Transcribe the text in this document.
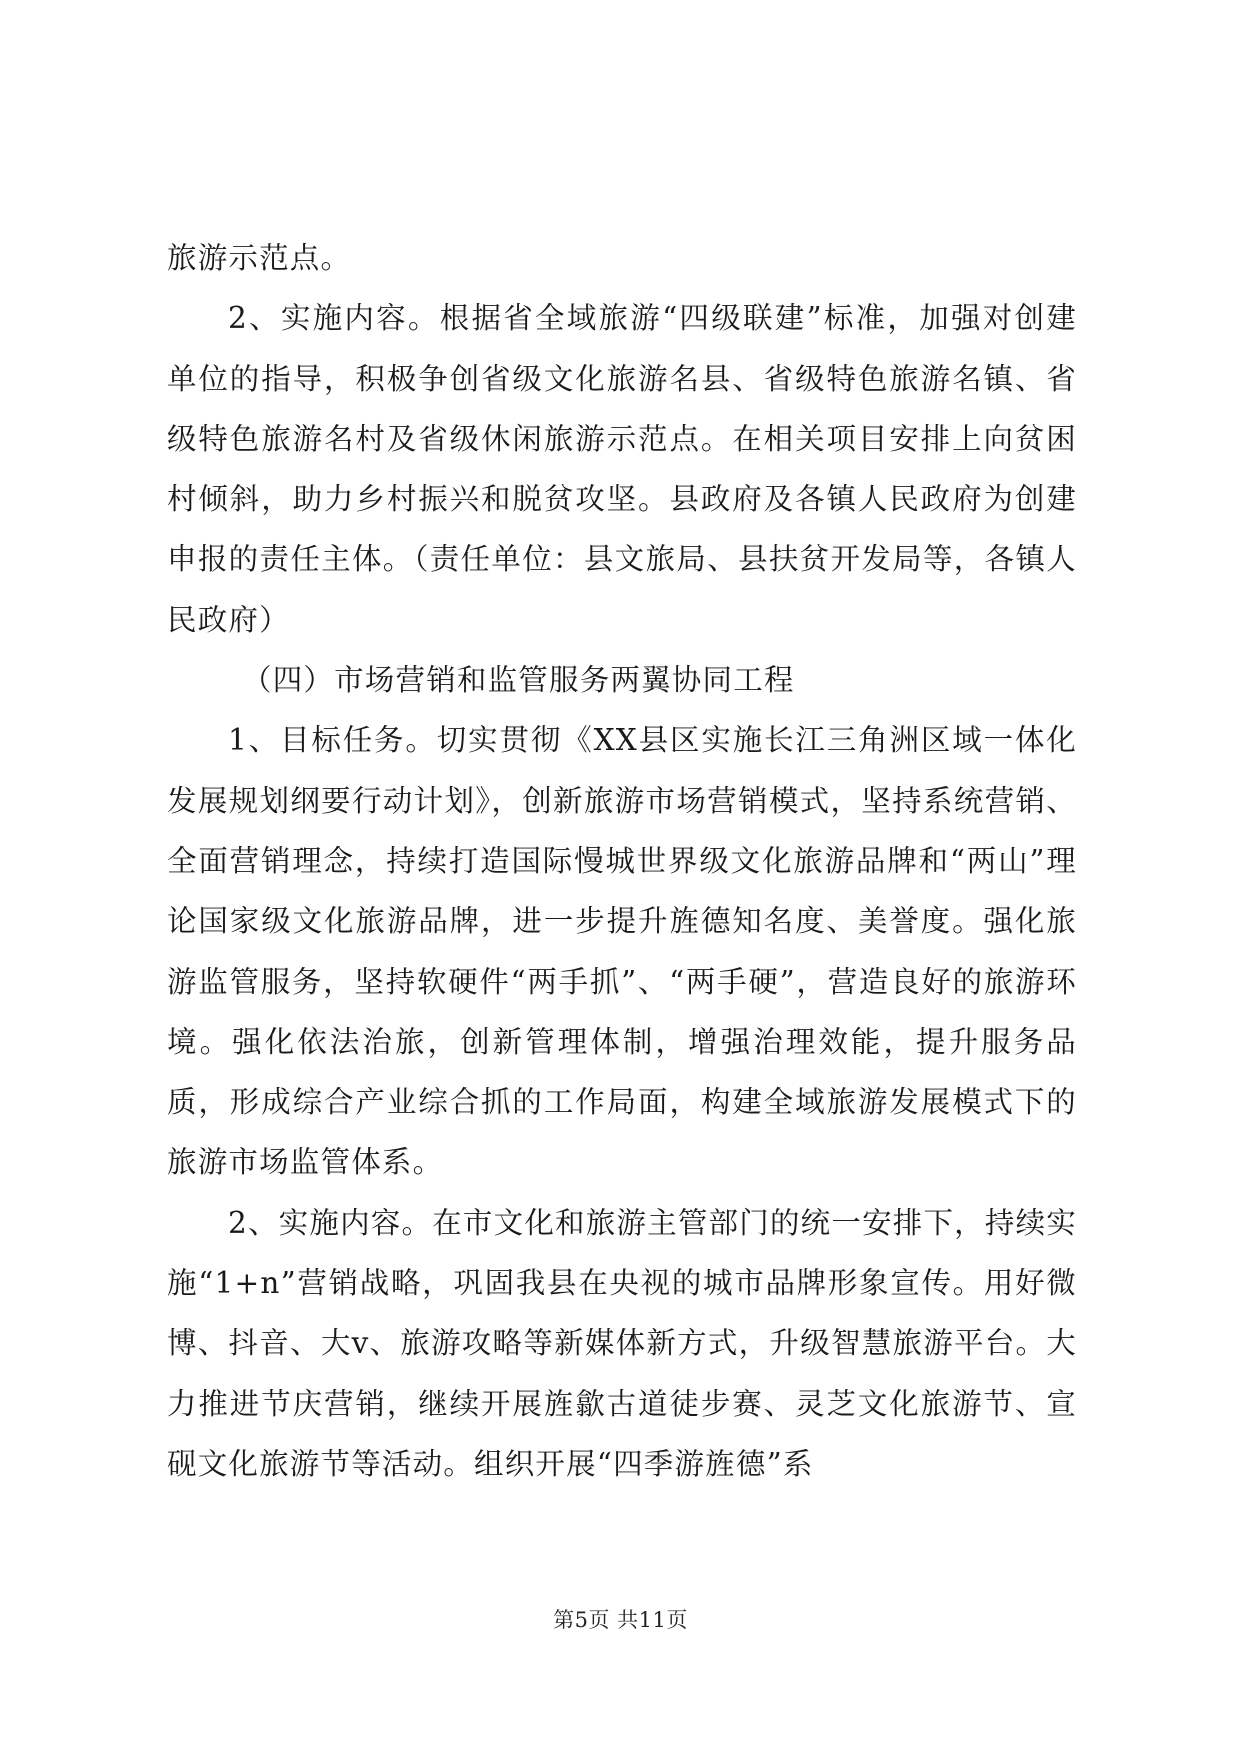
旅游示范点。

2、实施内容。根据省全域旅游“四级联建”标准，加强对创建单位的指导，积极争创省级文化旅游名县、省级特色旅游名镇、省级特色旅游名村及省级休闲旅游示范点。在相关项目安排上向贫困村倾斜，助力乡村振兴和脱贫攻坚。县政府及各镇人民政府为创建申报的责任主体。（责任单位：县文旅局、县扶贫开发局等，各镇人民政府）

（四）市场营销和监管服务两翼协同工程

1、目标任务。切实贯彻《XX县区实施长江三角洲区域一体化发展规划纲要行动计划》，创新旅游市场营销模式，坚持系统营销、全面营销理念，持续打造国际慢城世界级文化旅游品牌和“两山”理论国家级文化旅游品牌，进一步提升旌德知名度、美誉度。强化旅游监管服务，坚持软硬件“两手抓”、“两手硬”，营造良好的旅游环境。强化依法治旅，创新管理体制，增强治理效能，提升服务品质，形成综合产业综合抓的工作局面，构建全域旅游发展模式下的旅游市场监管体系。

2、实施内容。在市文化和旅游主管部门的统一安排下，持续实施“1+n”营销战略，巩固我县在央视的城市品牌形象宣传。用好微博、抖音、大v、旅游攻略等新媒体新方式，升级智慧旅游平台。大力推进节庆营销，继续开展旌歙古道徒步赛、灵芝文化旅游节、宣砚文化旅游节等活动。组织开展“四季游旌德”系

第5页 共11页
